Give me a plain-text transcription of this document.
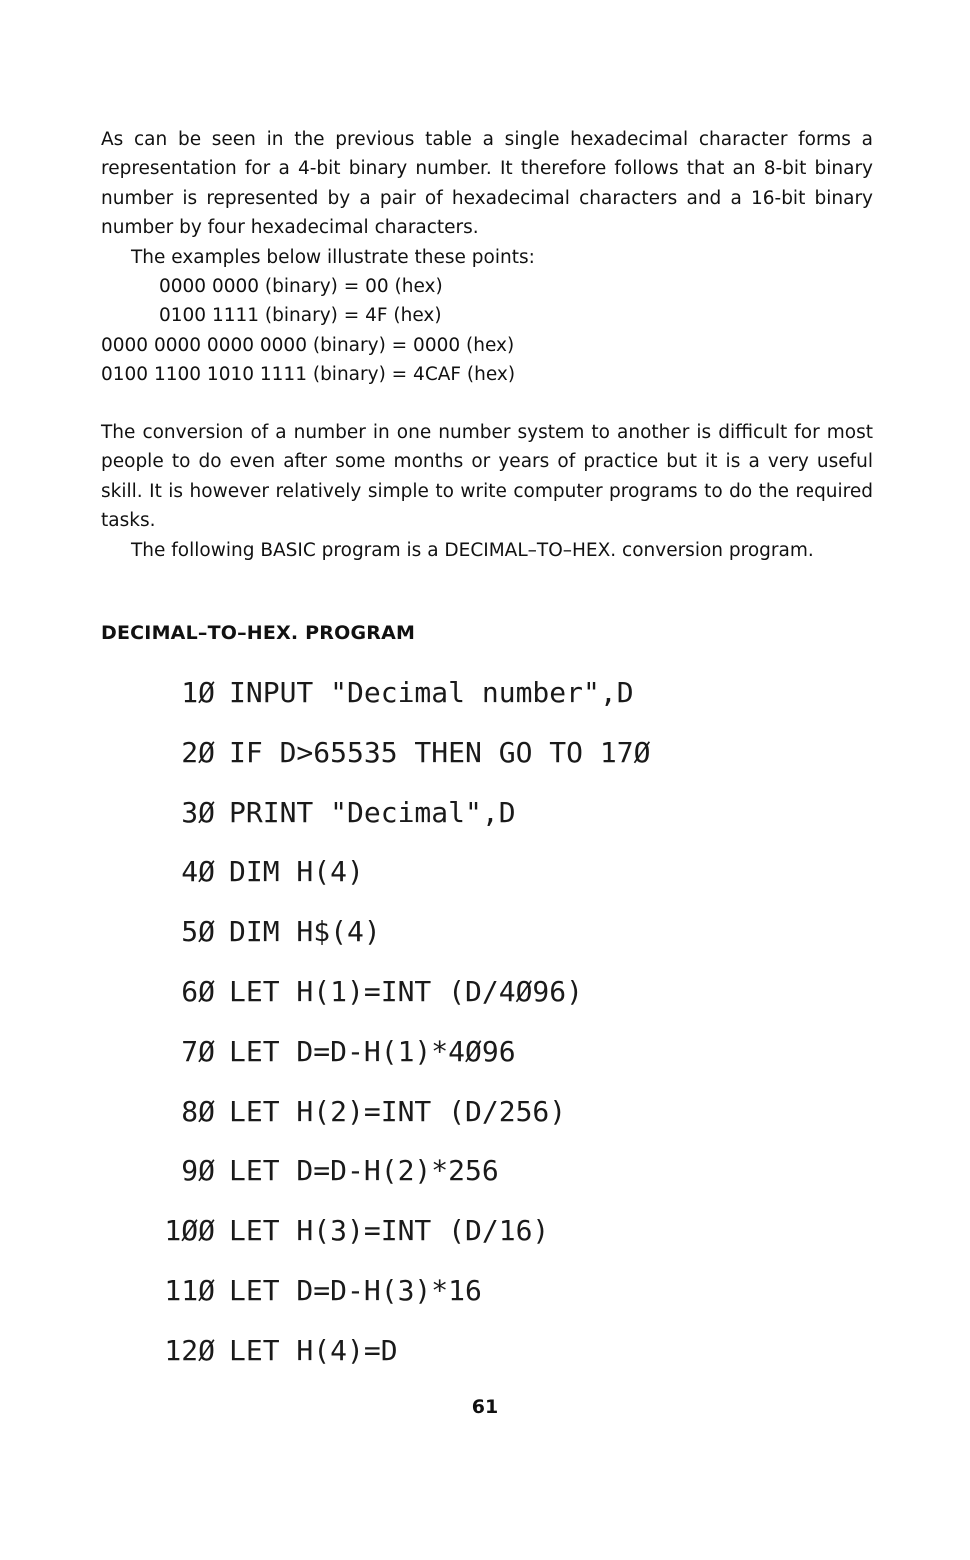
As can be seen in the previous table a single hexadecimal character forms a representation for a 4-bit binary number. It therefore follows that an 8-bit binary number is represented by a pair of hexadecimal characters and a 16-bit binary number by four hexadecimal characters.

The examples below illustrate these points:

0000 0000 (binary) = 00 (hex)

0100 1111 (binary) = 4F (hex)

0000 0000 0000 0000 (binary) = 0000 (hex)

0100 1100 1010 1111 (binary) = 4CAF (hex)

The conversion of a number in one number system to another is difficult for most people to do even after some months or years of practice but it is a very useful skill. It is however relatively simple to write computer programs to do the required tasks.

The following BASIC program is a DECIMAL–TO–HEX. conversion program.

DECIMAL–TO–HEX. PROGRAM

1Ø

INPUT "Decimal number",D

2Ø

IF D>65535 THEN GO TO 17Ø

3Ø

PRINT "Decimal",D

4Ø

DIM H(4)

5Ø

DIM H$(4)

6Ø

LET H(1)=INT (D/4Ø96)

7Ø

LET D=D-H(1)*4Ø96

8Ø

LET H(2)=INT (D/256)

9Ø

LET D=D-H(2)*256

1ØØ

LET H(3)=INT (D/16)

11Ø

LET D=D-H(3)*16

12Ø

LET H(4)=D

61
